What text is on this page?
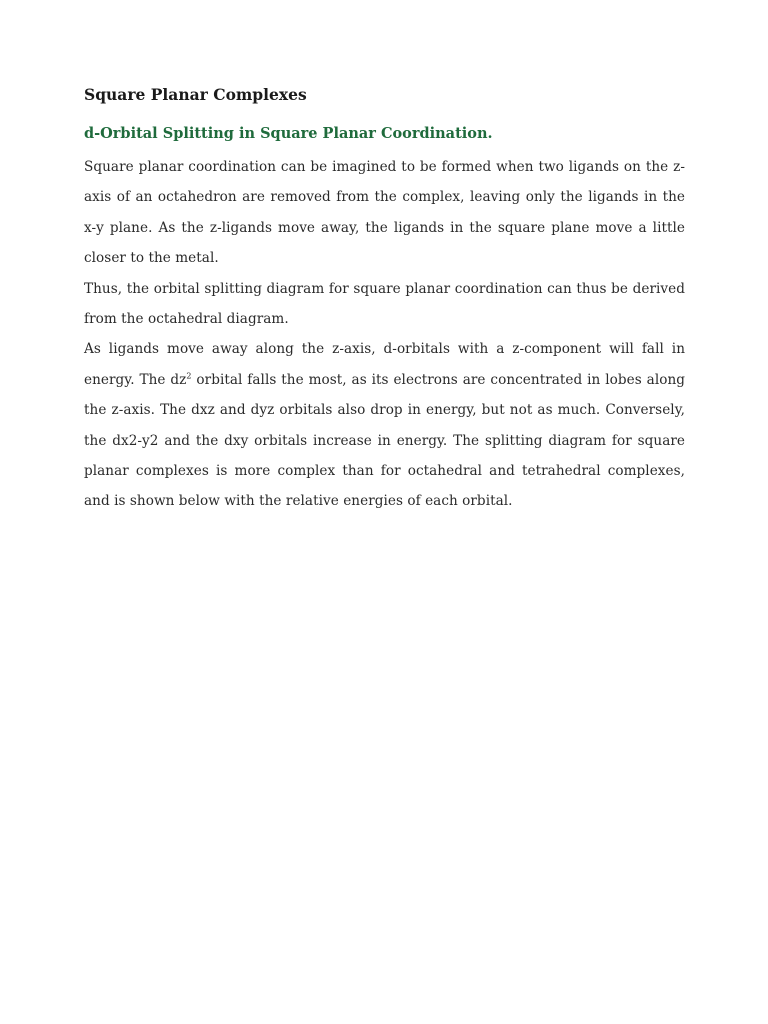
Square Planar Complexes
d-Orbital Splitting in Square Planar Coordination.

Square planar coordination can be imagined to be formed when two ligands on the z-axis of an octahedron are removed from the complex, leaving only the ligands in the x-y plane. As the z-ligands move away, the ligands in the square plane move a little closer to the metal.

Thus, the orbital splitting diagram for square planar coordination can thus be derived from the octahedral diagram.

As ligands move away along the z-axis, d-orbitals with a z-component will fall in energy. The $dz^2$ orbital falls the most, as its electrons are concentrated in lobes along the z-axis. The dxz and dyz orbitals also drop in energy, but not as much. Conversely, the dx2-y2 and the dxy orbitals increase in energy. The splitting diagram for square planar complexes is more complex than for octahedral and tetrahedral complexes, and is shown below with the relative energies of each orbital.
